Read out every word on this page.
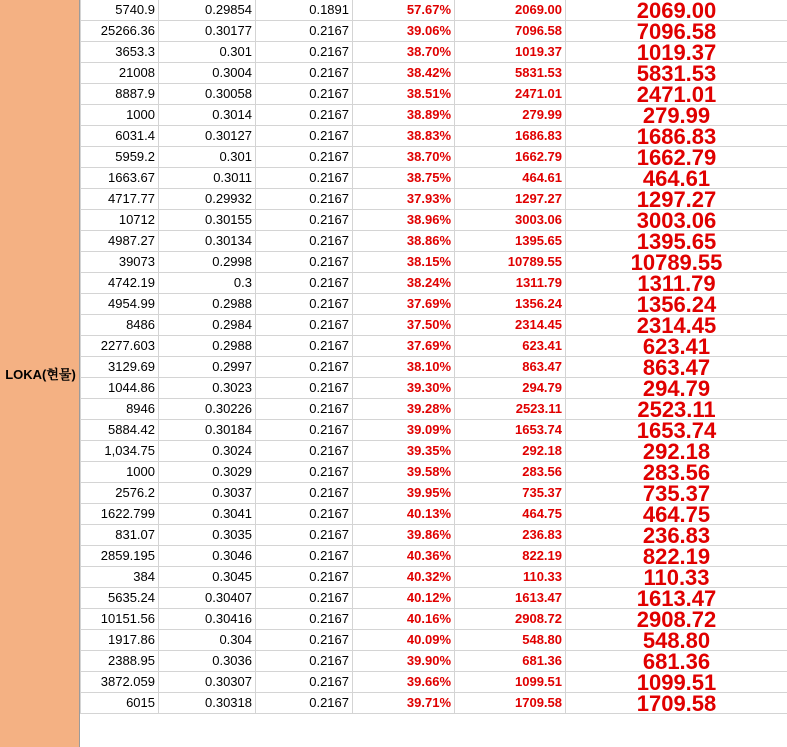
LOKA(현물)
5740.9	0.29854	0.1891	57.67%	2069.00	2069.00
25266.36	0.30177	0.2167	39.06%	7096.58	7096.58
3653.3	0.301	0.2167	38.70%	1019.37	1019.37
21008	0.3004	0.2167	38.42%	5831.53	5831.53
8887.9	0.30058	0.2167	38.51%	2471.01	2471.01
1000	0.3014	0.2167	38.89%	279.99	279.99
6031.4	0.30127	0.2167	38.83%	1686.83	1686.83
5959.2	0.301	0.2167	38.70%	1662.79	1662.79
1663.67	0.3011	0.2167	38.75%	464.61	464.61
4717.77	0.29932	0.2167	37.93%	1297.27	1297.27
10712	0.30155	0.2167	38.96%	3003.06	3003.06
4987.27	0.30134	0.2167	38.86%	1395.65	1395.65
39073	0.2998	0.2167	38.15%	10789.55	10789.55
4742.19	0.3	0.2167	38.24%	1311.79	1311.79
4954.99	0.2988	0.2167	37.69%	1356.24	1356.24
8486	0.2984	0.2167	37.50%	2314.45	2314.45
2277.603	0.2988	0.2167	37.69%	623.41	623.41
3129.69	0.2997	0.2167	38.10%	863.47	863.47
1044.86	0.3023	0.2167	39.30%	294.79	294.79
8946	0.30226	0.2167	39.28%	2523.11	2523.11
5884.42	0.30184	0.2167	39.09%	1653.74	1653.74
1,034.75	0.3024	0.2167	39.35%	292.18	292.18
1000	0.3029	0.2167	39.58%	283.56	283.56
2576.2	0.3037	0.2167	39.95%	735.37	735.37
1622.799	0.3041	0.2167	40.13%	464.75	464.75
831.07	0.3035	0.2167	39.86%	236.83	236.83
2859.195	0.3046	0.2167	40.36%	822.19	822.19
384	0.3045	0.2167	40.32%	110.33	110.33
5635.24	0.30407	0.2167	40.12%	1613.47	1613.47
10151.56	0.30416	0.2167	40.16%	2908.72	2908.72
1917.86	0.304	0.2167	40.09%	548.80	548.80
2388.95	0.3036	0.2167	39.90%	681.36	681.36
3872.059	0.30307	0.2167	39.66%	1099.51	1099.51
6015	0.30318	0.2167	39.71%	1709.58	1709.58
